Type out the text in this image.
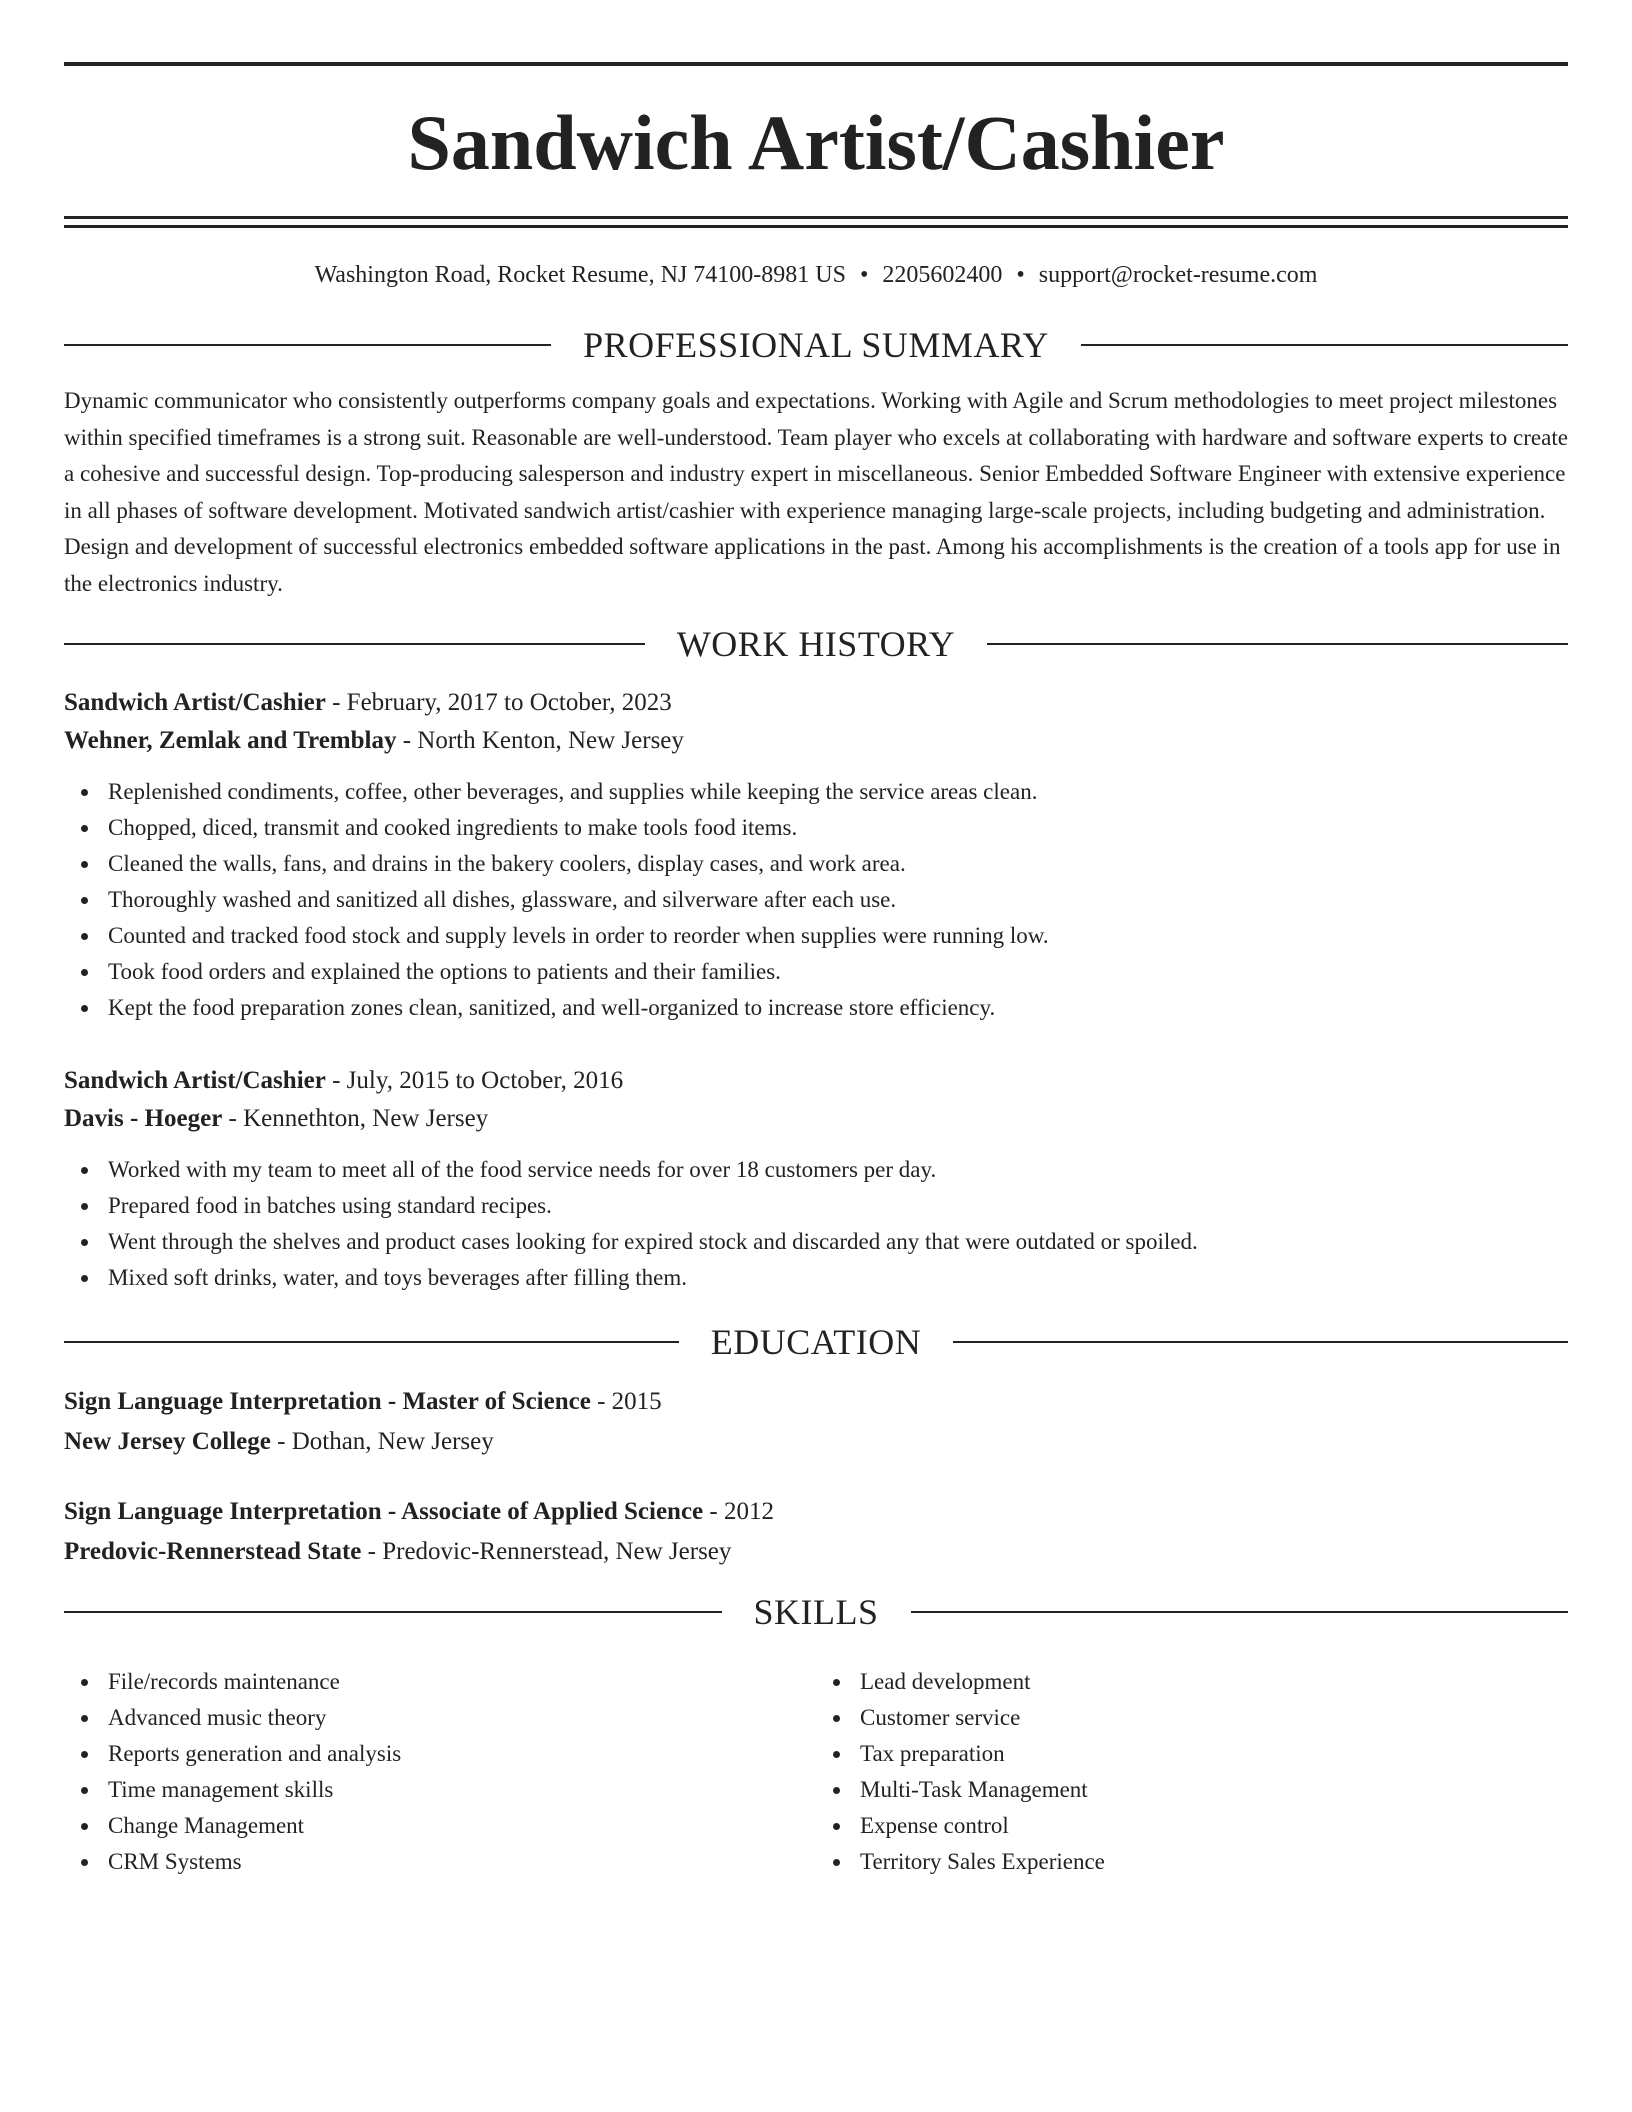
Sandwich Artist/Cashier
Washington Road, Rocket Resume, NJ 74100-8981 US • 2205602400 • support@rocket-resume.com
PROFESSIONAL SUMMARY

Dynamic communicator who consistently outperforms company goals and expectations. Working with Agile and Scrum methodologies to meet project milestones within specified timeframes is a strong suit. Reasonable are well-understood. Team player who excels at collaborating with hardware and software experts to create a cohesive and successful design. Top-producing salesperson and industry expert in miscellaneous. Senior Embedded Software Engineer with extensive experience in all phases of software development. Motivated sandwich artist/cashier with experience managing large-scale projects, including budgeting and administration. Design and development of successful electronics embedded software applications in the past. Among his accomplishments is the creation of a tools app for use in the electronics industry.

WORK HISTORY
Sandwich Artist/Cashier - February, 2017 to October, 2023
Wehner, Zemlak and Tremblay - North Kenton, New Jersey
Replenished condiments, coffee, other beverages, and supplies while keeping the service areas clean.
Chopped, diced, transmit and cooked ingredients to make tools food items.
Cleaned the walls, fans, and drains in the bakery coolers, display cases, and work area.
Thoroughly washed and sanitized all dishes, glassware, and silverware after each use.
Counted and tracked food stock and supply levels in order to reorder when supplies were running low.
Took food orders and explained the options to patients and their families.
Kept the food preparation zones clean, sanitized, and well-organized to increase store efficiency.
Sandwich Artist/Cashier - July, 2015 to October, 2016
Davis - Hoeger - Kennethton, New Jersey
Worked with my team to meet all of the food service needs for over 18 customers per day.
Prepared food in batches using standard recipes.
Went through the shelves and product cases looking for expired stock and discarded any that were outdated or spoiled.
Mixed soft drinks, water, and toys beverages after filling them.
EDUCATION
Sign Language Interpretation - Master of Science - 2015
New Jersey College - Dothan, New Jersey
Sign Language Interpretation - Associate of Applied Science - 2012
Predovic-Rennerstead State - Predovic-Rennerstead, New Jersey
SKILLS
File/records maintenance
Advanced music theory
Reports generation and analysis
Time management skills
Change Management
CRM Systems
Lead development
Customer service
Tax preparation
Multi-Task Management
Expense control
Territory Sales Experience
